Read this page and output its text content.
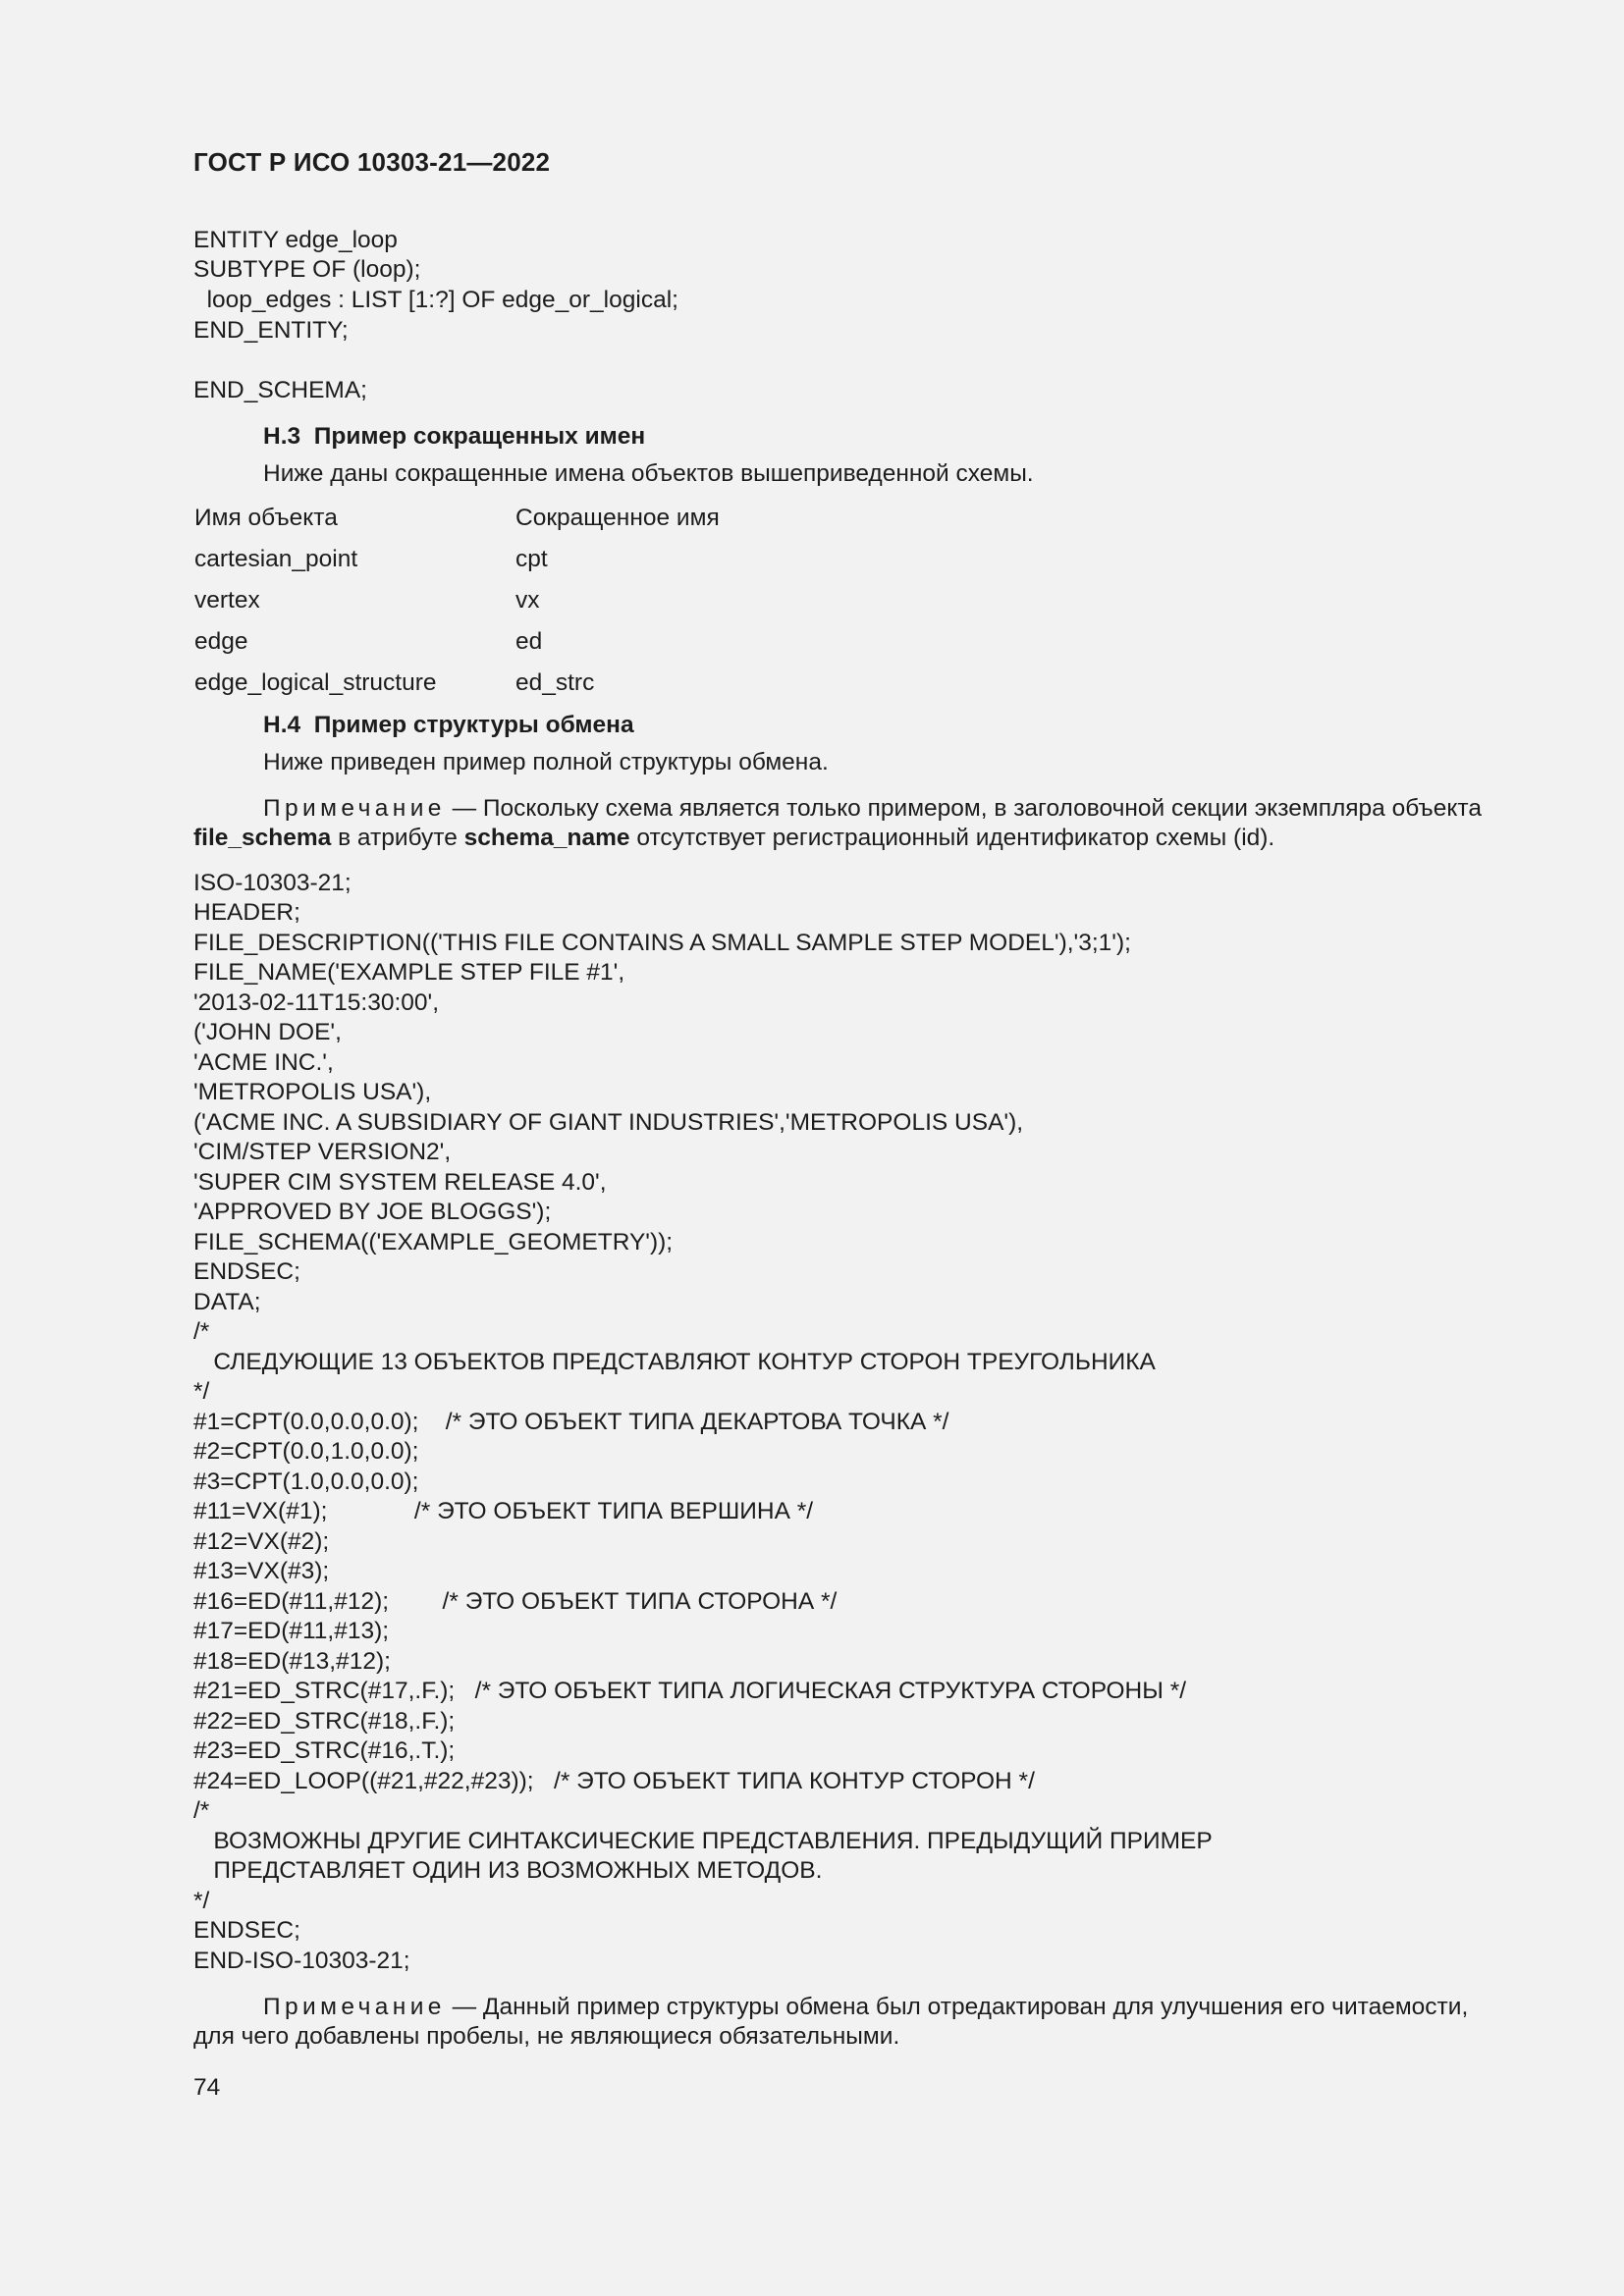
ГОСТ Р ИСО 10303-21—2022
ENTITY edge_loop
SUBTYPE OF (loop);
loop_edges : LIST [1:?] OF edge_or_logical;
END_ENTITY;
END_SCHEMA;
Н.3  Пример сокращенных имен
Ниже даны сокращенные имена объектов вышеприведенной схемы.
Имя объекта	Сокращенное имя
cartesian_point	cpt
vertex	vx
edge	ed
edge_logical_structure	ed_strc
Н.4  Пример структуры обмена
Ниже приведен пример полной структуры обмена.
Примечание — Поскольку схема является только примером, в заголовочной секции экземпляра объекта
file_schema в атрибуте schema_name отсутствует регистрационный идентификатор схемы (id).
ISO-10303-21;
HEADER;
FILE_DESCRIPTION(('THIS FILE CONTAINS A SMALL SAMPLE STEP MODEL'),'3;1');
FILE_NAME('EXAMPLE STEP FILE #1',
'2013-02-11T15:30:00',
('JOHN DOE',
'ACME INC.',
'METROPOLIS USA'),
('ACME INC. A SUBSIDIARY OF GIANT INDUSTRIES','METROPOLIS USA'),
'CIM/STEP VERSION2',
'SUPER CIM SYSTEM RELEASE 4.0',
'APPROVED BY JOE BLOGGS');
FILE_SCHEMA(('EXAMPLE_GEOMETRY'));
ENDSEC;
DATA;
/*
СЛЕДУЮЩИЕ 13 ОБЪЕКТОВ ПРЕДСТАВЛЯЮТ КОНТУР СТОРОН ТРЕУГОЛЬНИКА
*/
#1=CPT(0.0,0.0,0.0);    /* ЭТО ОБЪЕКТ ТИПА ДЕКАРТОВА ТОЧКА */
#2=CPT(0.0,1.0,0.0);
#3=CPT(1.0,0.0,0.0);
#11=VX(#1);             /* ЭТО ОБЪЕКТ ТИПА ВЕРШИНА */
#12=VX(#2);
#13=VX(#3);
#16=ED(#11,#12);        /* ЭТО ОБЪЕКТ ТИПА СТОРОНА */
#17=ED(#11,#13);
#18=ED(#13,#12);
#21=ED_STRC(#17,.F.);   /* ЭТО ОБЪЕКТ ТИПА ЛОГИЧЕСКАЯ СТРУКТУРА СТОРОНЫ */
#22=ED_STRC(#18,.F.);
#23=ED_STRC(#16,.T.);
#24=ED_LOOP((#21,#22,#23));   /* ЭТО ОБЪЕКТ ТИПА КОНТУР СТОРОН */
/*
ВОЗМОЖНЫ ДРУГИЕ СИНТАКСИЧЕСКИЕ ПРЕДСТАВЛЕНИЯ. ПРЕДЫДУЩИЙ ПРИМЕР
ПРЕДСТАВЛЯЕТ ОДИН ИЗ ВОЗМОЖНЫХ МЕТОДОВ.
*/
ENDSEC;
END-ISO-10303-21;
Примечание — Данный пример структуры обмена был отредактирован для улучшения его читаемости,
для чего добавлены пробелы, не являющиеся обязательными.
74
